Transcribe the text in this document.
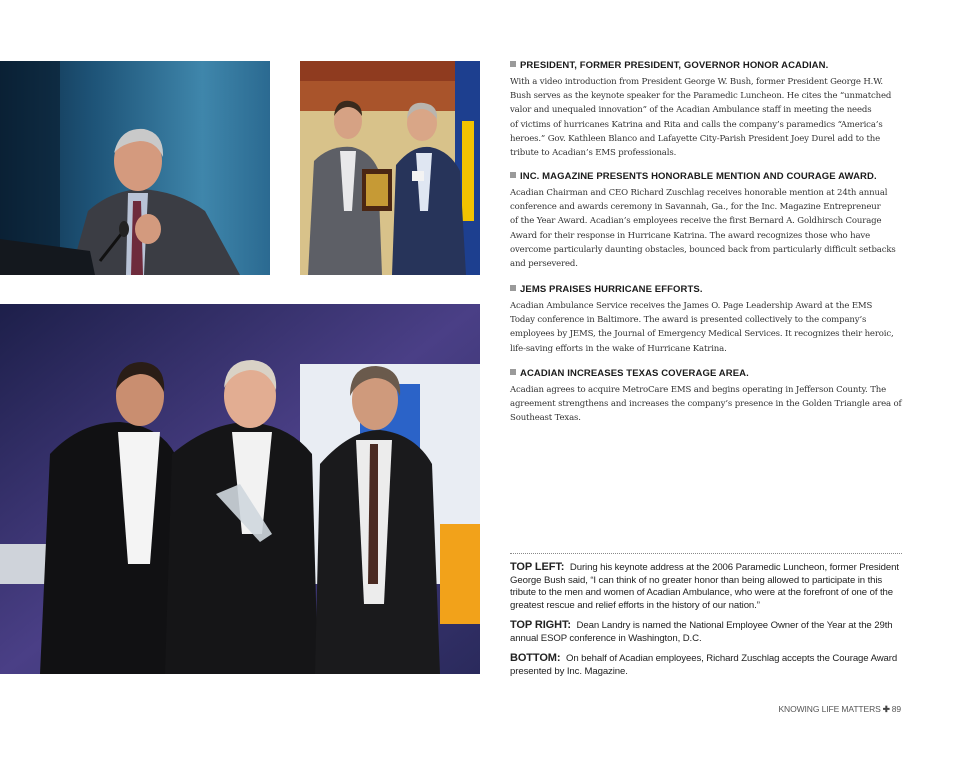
PRESIDENT, FORMER PRESIDENT, GOVERNOR HONOR ACADIAN.

With a video introduction from President George W. Bush, former President George H.W.
Bush serves as the keynote speaker for the Paramedic Luncheon. He cites the “unmatched
valor and unequaled innovation” of the Acadian Ambulance staff in meeting the needs
of victims of hurricanes Katrina and Rita and calls the company’s paramedics “America’s
heroes.” Gov. Kathleen Blanco and Lafayette City-Parish President Joey Durel add to the
tribute to Acadian’s EMS professionals.

INC. MAGAZINE PRESENTS HONORABLE MENTION AND COURAGE AWARD.

Acadian Chairman and CEO Richard Zuschlag receives honorable mention at 24th annual
conference and awards ceremony in Savannah, Ga., for the Inc. Magazine Entrepreneur
of the Year Award. Acadian’s employees receive the first Bernard A. Goldhirsch Courage
Award for their response in Hurricane Katrina. The award recognizes those who have
overcome particularly daunting obstacles, bounced back from particularly difficult setbacks
and persevered.

JEMS PRAISES HURRICANE EFFORTS.

Acadian Ambulance Service receives the James O. Page Leadership Award at the EMS
Today conference in Baltimore. The award is presented collectively to the company’s
employees by JEMS, the Journal of Emergency Medical Services. It recognizes their heroic,
life-saving efforts in the wake of Hurricane Katrina.

ACADIAN INCREASES TEXAS COVERAGE AREA.

Acadian agrees to acquire MetroCare EMS and begins operating in Jefferson County. The
agreement strengthens and increases the company’s presence in the Golden Triangle area of
Southeast Texas.

TOP LEFT: During his keynote address at the 2006 Paramedic Luncheon, former President
George Bush said, “I can think of no greater honor than being allowed to participate in this
tribute to the men and women of Acadian Ambulance, who were at the forefront of one of the
greatest rescue and relief efforts in the history of our nation.”

TOP RIGHT: Dean Landry is named the National Employee Owner of the Year at the 29th
annual ESOP conference in Washington, D.C.

BOTTOM: On behalf of Acadian employees, Richard Zuschlag accepts the Courage Award
presented by Inc. Magazine.

KNOWING LIFE MATTERS ✚ 89
